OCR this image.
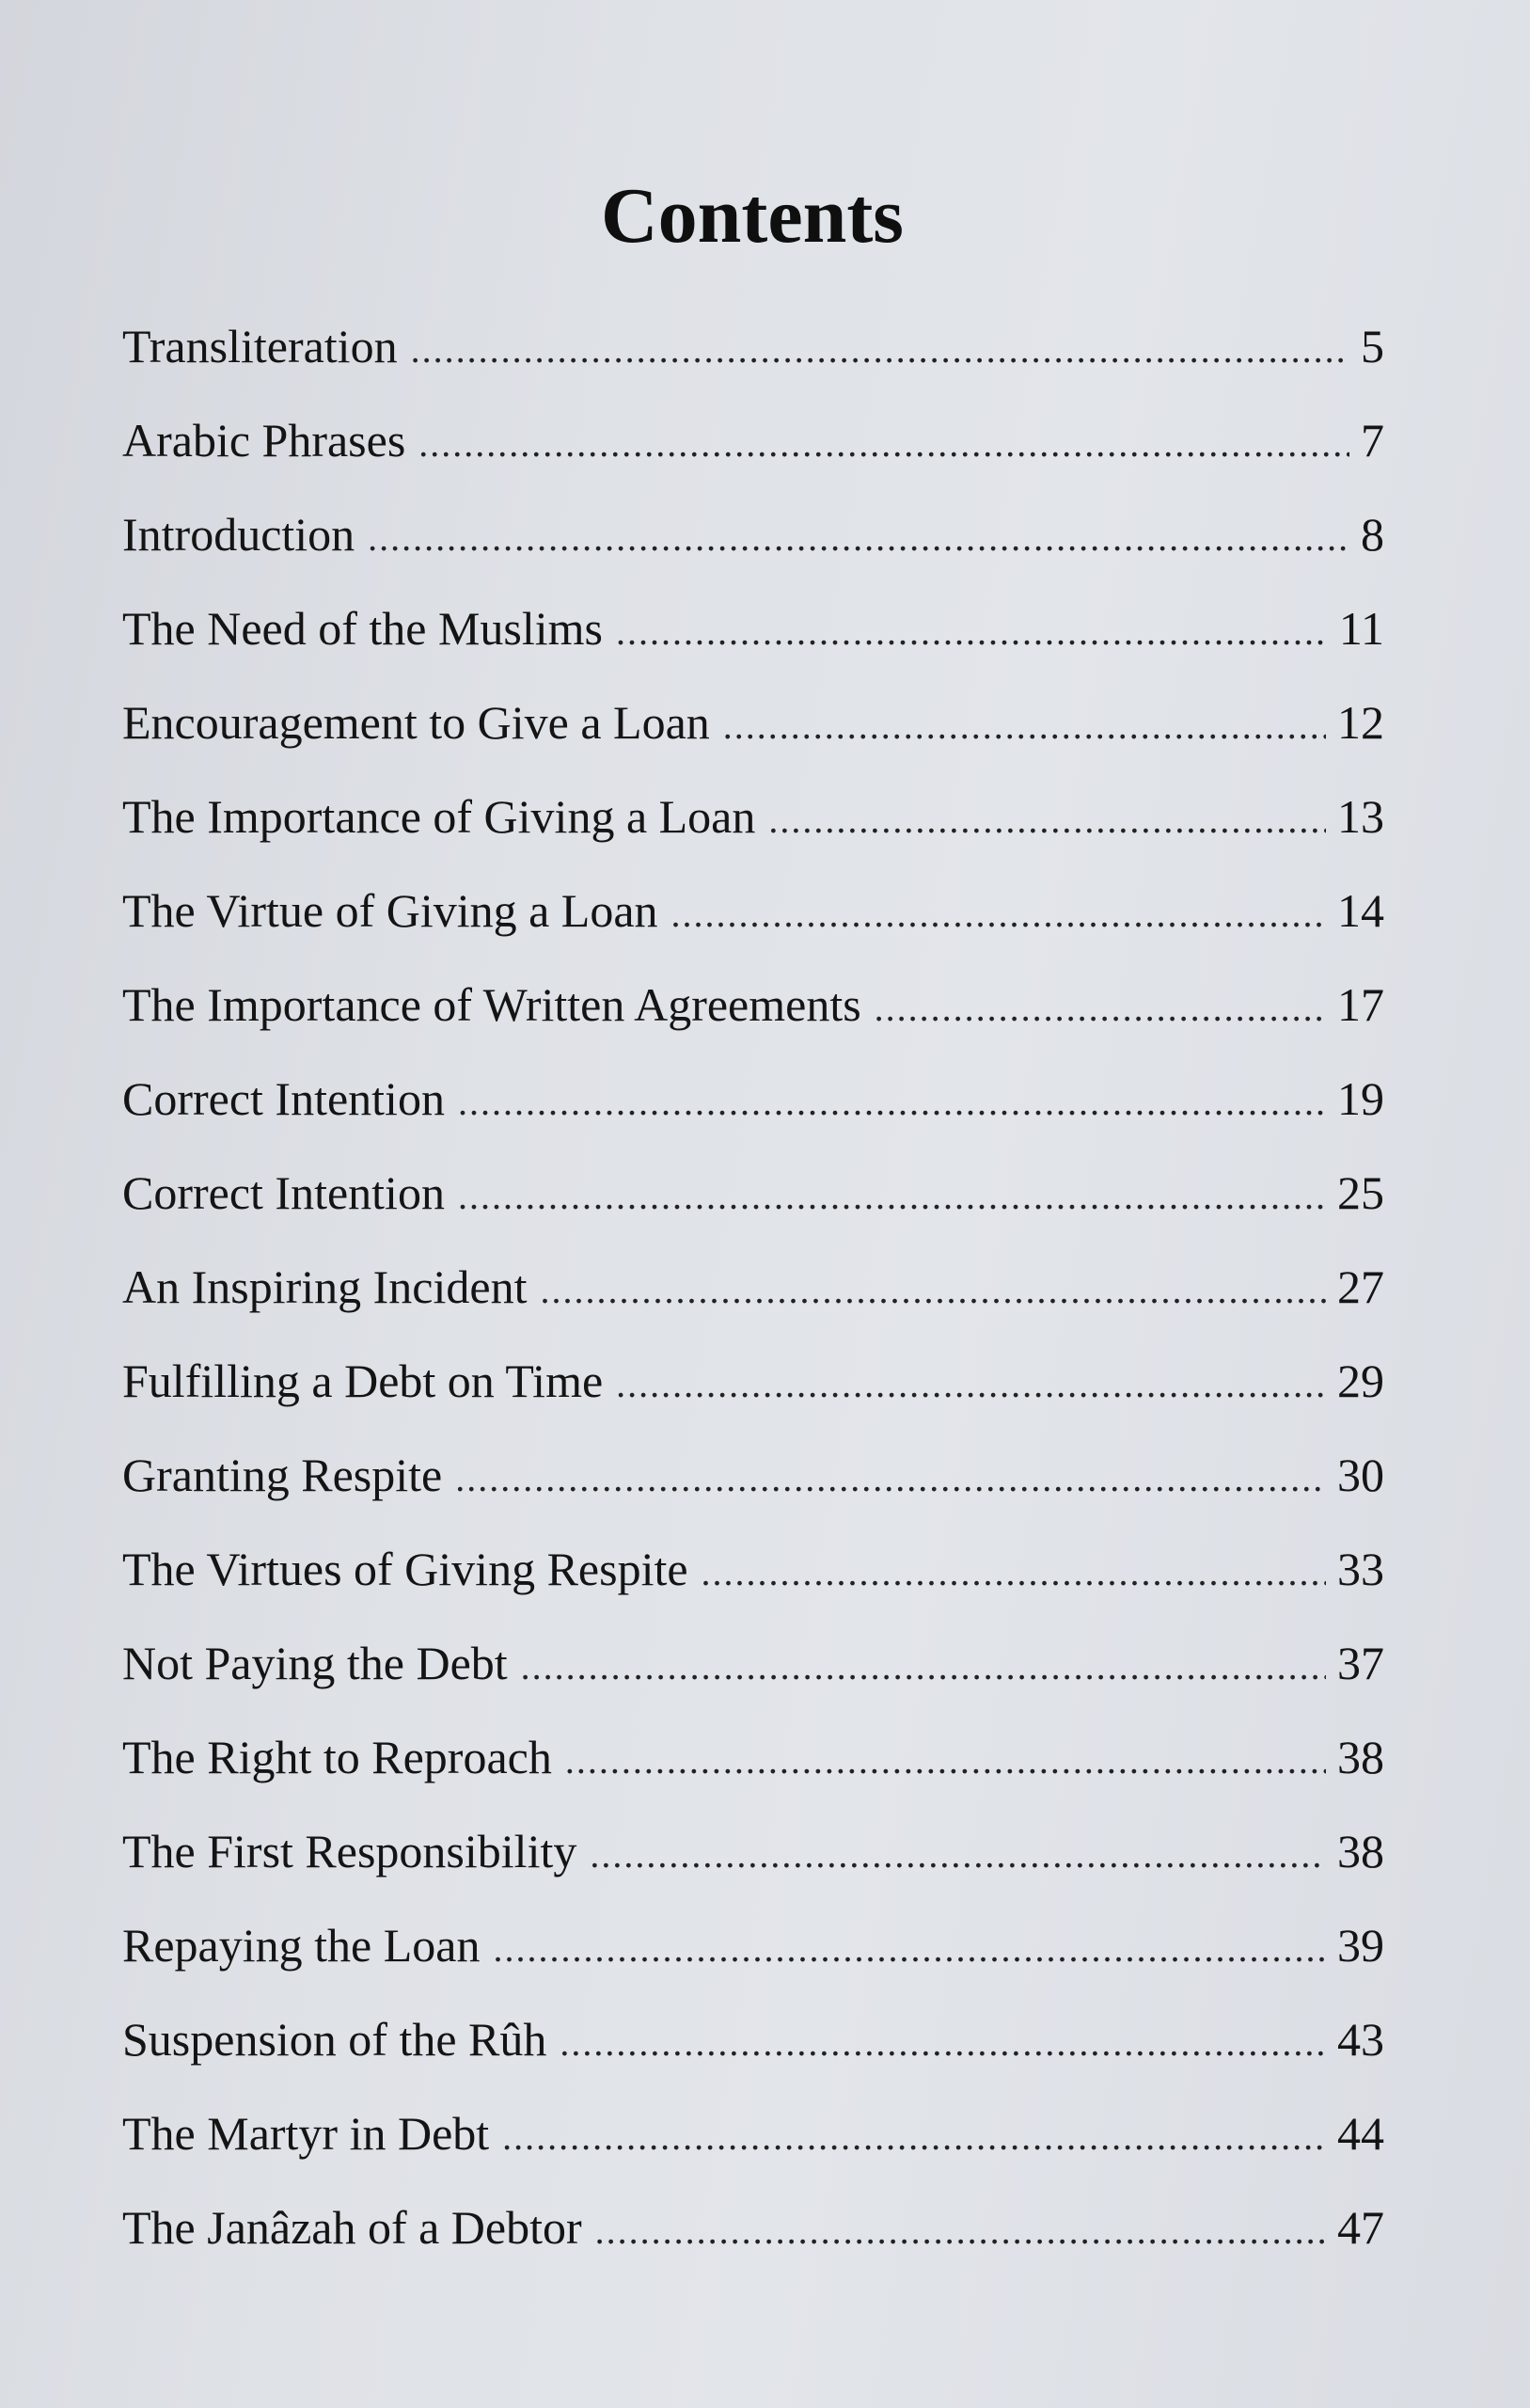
Contents
Transliteration .....	5
Arabic Phrases .....	7
Introduction .....	8
The Need of the Muslims .....	11
Encouragement to Give a Loan .....	12
The Importance of Giving a Loan .....	13
The Virtue of Giving a Loan .....	14
The Importance of Written Agreements .....	17
Correct Intention .....	19
Correct Intention .....	25
An Inspiring Incident .....	27
Fulfilling a Debt on Time .....	29
Granting Respite .....	30
The Virtues of Giving Respite .....	33
Not Paying the Debt .....	37
The Right to Reproach .....	38
The First Responsibility .....	38
Repaying the Loan .....	39
Suspension of the Rûh .....	43
The Martyr in Debt .....	44
The Janâzah of a Debtor .....	47
